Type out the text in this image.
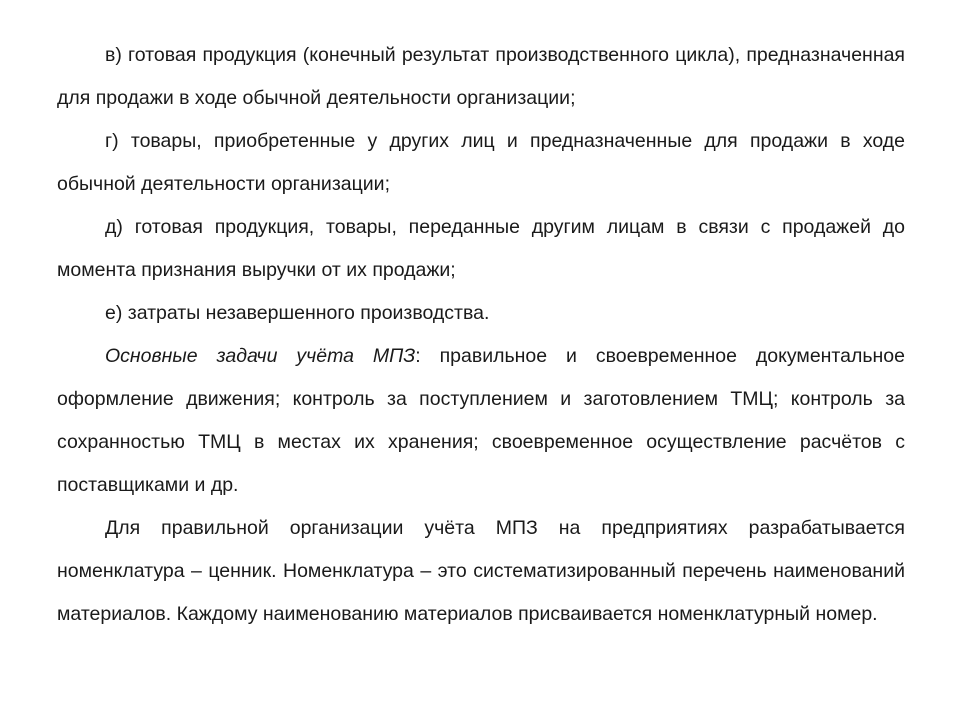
в) готовая продукция (конечный результат производственного цикла), предназначенная для продажи в ходе обычной деятельности организации;

г) товары, приобретенные у других лиц и предназначенные для продажи в ходе обычной деятельности организации;

д) готовая продукция, товары, переданные другим лицам в связи с продажей до момента признания выручки от их продажи;

е) затраты незавершенного производства.

Основные задачи учёта МПЗ: правильное и своевременное документальное оформление движения; контроль за поступлением и заготовлением ТМЦ; контроль за сохранностью ТМЦ в местах их хранения; своевременное осуществление расчётов с поставщиками и др.

Для правильной организации учёта МПЗ на предприятиях разрабатывается номенклатура – ценник. Номенклатура – это систематизированный перечень наименований материалов. Каждому наименованию материалов присваивается номенклатурный номер.
